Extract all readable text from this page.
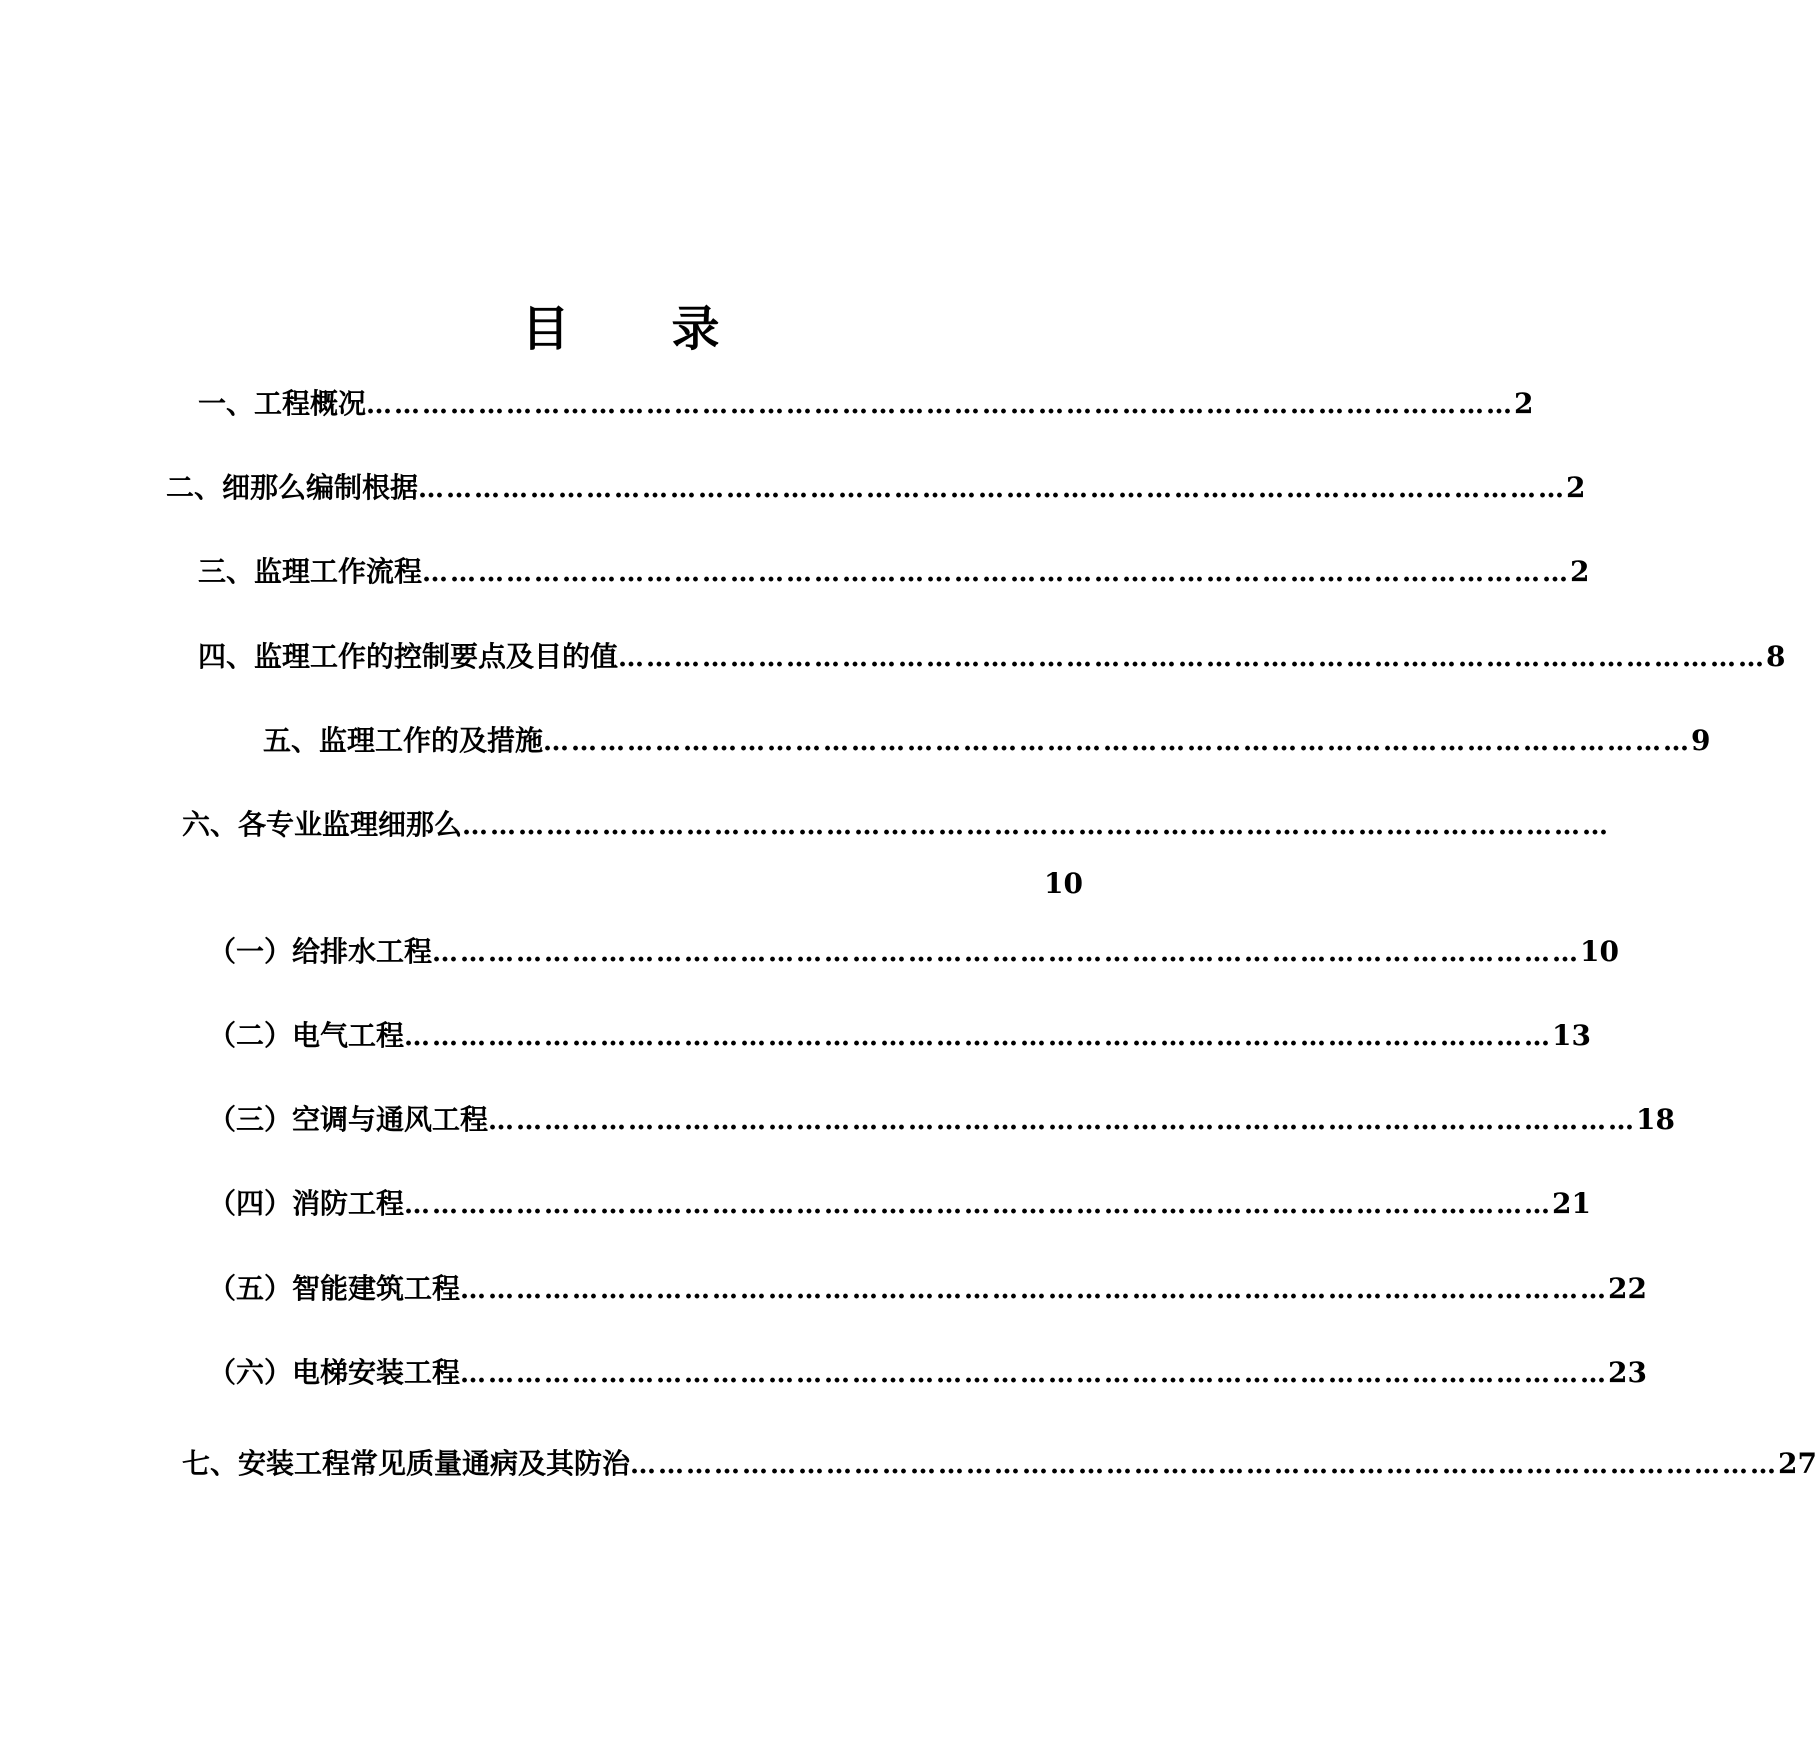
目 录
一、 工程概况 …………………………………………………………………………………………………………… 2
二、 细那么编制根据 …………………………………………………………………………………………………………… 2
三、 监理工作流程 …………………………………………………………………………………………………………… 2
四、 监理工作的控制要点及目的值 …………………………………………………………………………………………………………… 8
五、 监理工作的及措施 …………………………………………………………………………………………………………… 9
六、 各专业监理细那么 ……………………………………………………………………………………………………………
10
（一） 给排水工程 …………………………………………………………………………………………………………… 10
（二） 电气工程 …………………………………………………………………………………………………………… 13
（三） 空调与通风工程 …………………………………………………………………………………………………………… 18
（四） 消防工程 …………………………………………………………………………………………………………… 21
（五） 智能建筑工程 …………………………………………………………………………………………………………… 22
（六） 电梯安装工程 …………………………………………………………………………………………………………… 23
七、 安装工程常见质量通病及其防治 …………………………………………………………………………………………………………… 27
